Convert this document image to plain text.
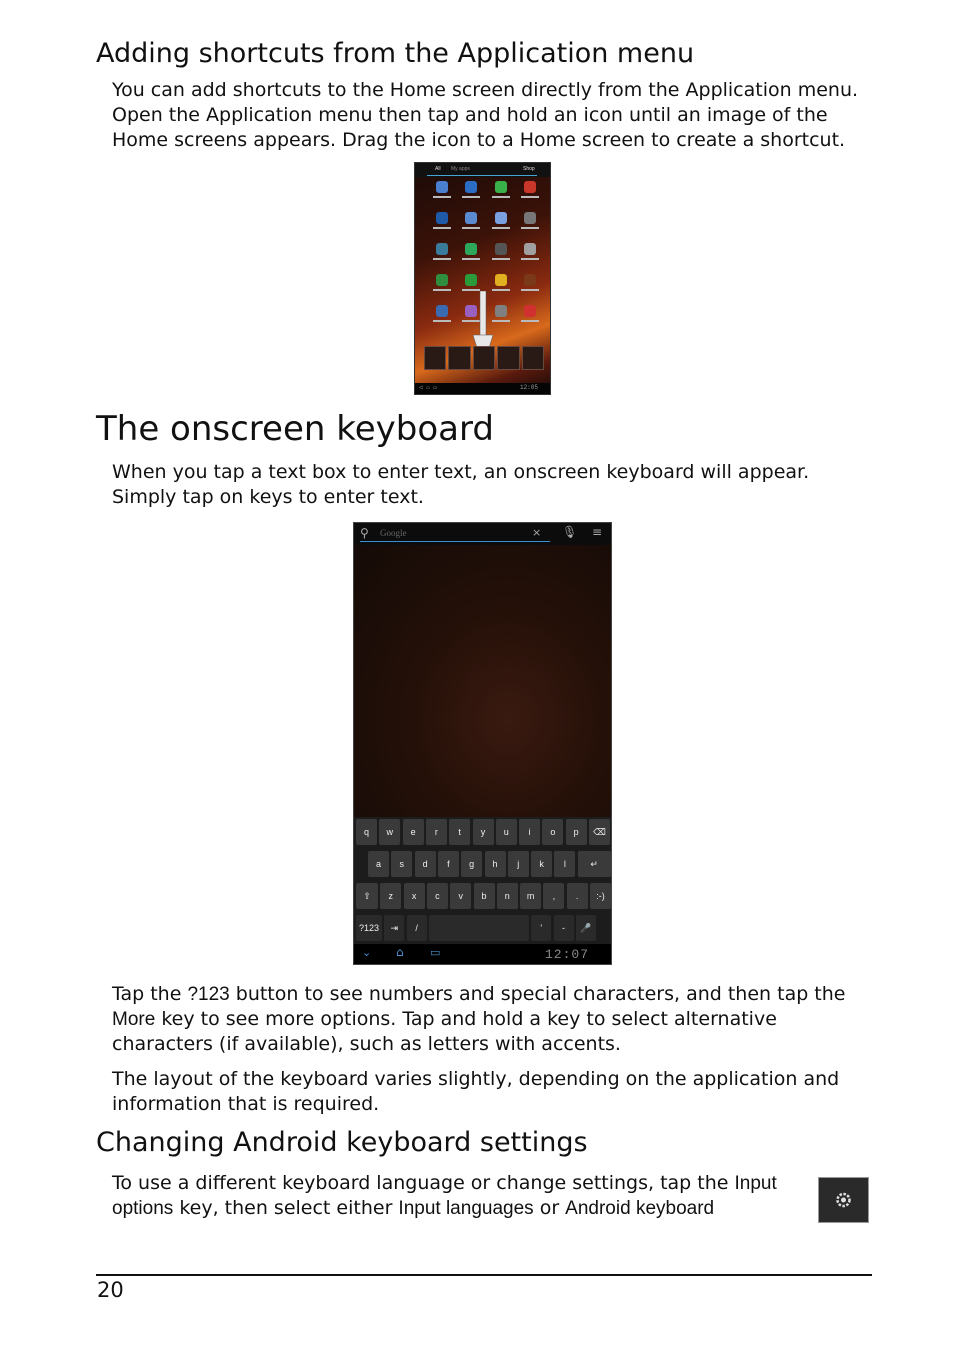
Adding shortcuts from the Application menu

You can add shortcuts to the Home screen directly from the Application menu.
Open the Application menu then tap and hold an icon until an image of the
Home screens appears. Drag the icon to a Home screen to create a shortcut.

All My apps	Shop
◁ ⌂ ▭	12:05
The onscreen keyboard

When you tap a text box to enter text, an onscreen keyboard will appear.
Simply tap on keys to enter text.

⚲ Google	× 🎙 ≡
q	w	e	r	t	y	u	i	o	p	⌫
a	s	d	f	g	h	j	k	l	↵
⇧	z	x	c	v	b	n	m	,	.	:-)
?123	⇥	/	'	-	🎤
⌄ ⌂ ▭	12:07

Tap the ?123 button to see numbers and special characters, and then tap the
More key to see more options. Tap and hold a key to select alternative
characters (if available), such as letters with accents.

The layout of the keyboard varies slightly, depending on the application and
information that is required.

Changing Android keyboard settings

To use a different keyboard language or change settings, tap the Input
options key, then select either Input languages or Android keyboard

20
